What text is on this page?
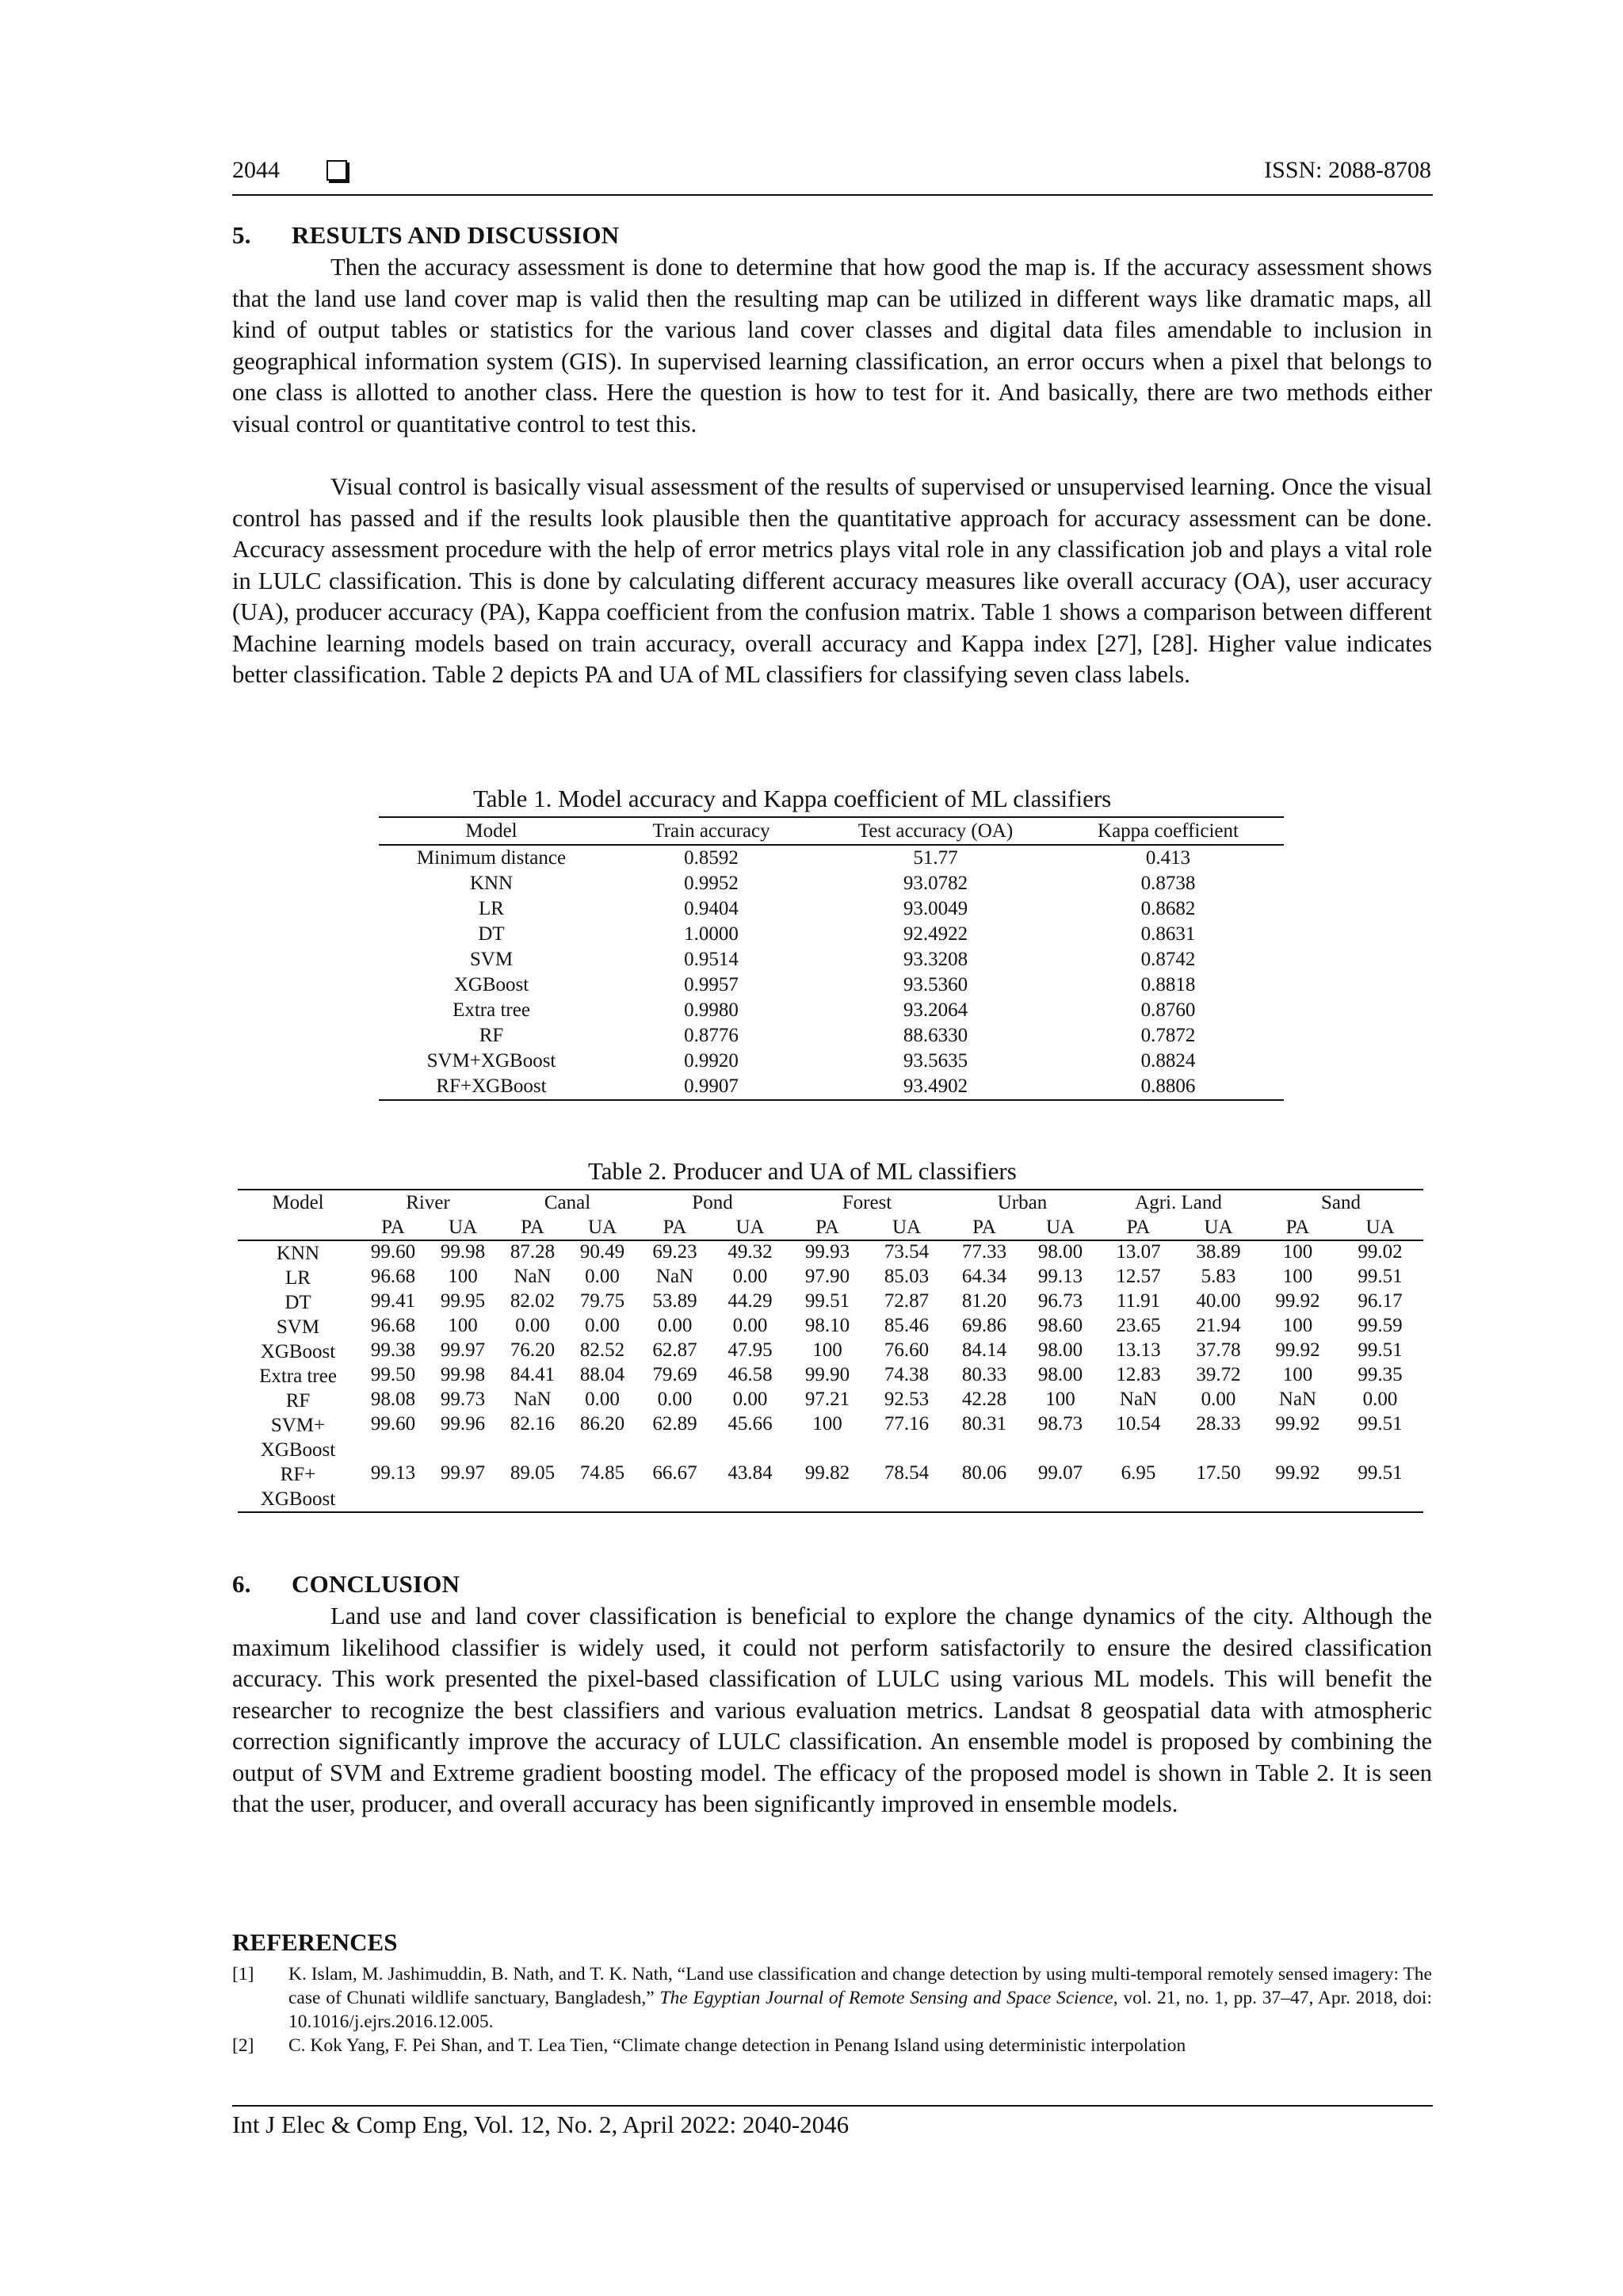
2044	ISSN: 2088-8708
5. RESULTS AND DISCUSSION

Then the accuracy assessment is done to determine that how good the map is. If the accuracy assessment shows that the land use land cover map is valid then the resulting map can be utilized in different ways like dramatic maps, all kind of output tables or statistics for the various land cover classes and digital data files amendable to inclusion in geographical information system (GIS). In supervised learning classification, an error occurs when a pixel that belongs to one class is allotted to another class. Here the question is how to test for it. And basically, there are two methods either visual control or quantitative control to test this.

Visual control is basically visual assessment of the results of supervised or unsupervised learning. Once the visual control has passed and if the results look plausible then the quantitative approach for accuracy assessment can be done. Accuracy assessment procedure with the help of error metrics plays vital role in any classification job and plays a vital role in LULC classification. This is done by calculating different accuracy measures like overall accuracy (OA), user accuracy (UA), producer accuracy (PA), Kappa coefficient from the confusion matrix. Table 1 shows a comparison between different Machine learning models based on train accuracy, overall accuracy and Kappa index [27], [28]. Higher value indicates better classification. Table 2 depicts PA and UA of ML classifiers for classifying seven class labels.

Table 1. Model accuracy and Kappa coefficient of ML classifiers
Model	Train accuracy	Test accuracy (OA)	Kappa coefficient
Minimum distance	0.8592	51.77	0.413
KNN	0.9952	93.0782	0.8738
LR	0.9404	93.0049	0.8682
DT	1.0000	92.4922	0.8631
SVM	0.9514	93.3208	0.8742
XGBoost	0.9957	93.5360	0.8818
Extra tree	0.9980	93.2064	0.8760
RF	0.8776	88.6330	0.7872
SVM+XGBoost	0.9920	93.5635	0.8824
RF+XGBoost	0.9907	93.4902	0.8806
Table 2. Producer and UA of ML classifiers
Model	River		Canal		Pond		Forest		Urban		Agri. Land		Sand	
	PA	UA	PA	UA	PA	UA	PA	UA	PA	UA	PA	UA	PA	UA

KNN	99.60	99.98	87.28	90.49	69.23	49.32	99.93	73.54	77.33	98.00	13.07	38.89	100	99.02

LR	96.68	100	NaN	0.00	NaN	0.00	97.90	85.03	64.34	99.13	12.57	5.83	100	99.51

DT	99.41	99.95	82.02	79.75	53.89	44.29	99.51	72.87	81.20	96.73	11.91	40.00	99.92	96.17

SVM	96.68	100	0.00	0.00	0.00	0.00	98.10	85.46	69.86	98.60	23.65	21.94	100	99.59

XGBoost	99.38	99.97	76.20	82.52	62.87	47.95	100	76.60	84.14	98.00	13.13	37.78	99.92	99.51

Extra tree	99.50	99.98	84.41	88.04	79.69	46.58	99.90	74.38	80.33	98.00	12.83	39.72	100	99.35

RF	98.08	99.73	NaN	0.00	0.00	0.00	97.21	92.53	42.28	100	NaN	0.00	NaN	0.00

SVM+
XGBoost	99.60	99.96	82.16	86.20	62.89	45.66	100	77.16	80.31	98.73	10.54	28.33	99.92	99.51

RF+
XGBoost	99.13	99.97	89.05	74.85	66.67	43.84	99.82	78.54	80.06	99.07	6.95	17.50	99.92	99.51
6. CONCLUSION

Land use and land cover classification is beneficial to explore the change dynamics of the city. Although the maximum likelihood classifier is widely used, it could not perform satisfactorily to ensure the desired classification accuracy. This work presented the pixel-based classification of LULC using various ML models. This will benefit the researcher to recognize the best classifiers and various evaluation metrics. Landsat 8 geospatial data with atmospheric correction significantly improve the accuracy of LULC classification. An ensemble model is proposed by combining the output of SVM and Extreme gradient boosting model. The efficacy of the proposed model is shown in Table 2. It is seen that the user, producer, and overall accuracy has been significantly improved in ensemble models.

REFERENCES
[1] K. Islam, M. Jashimuddin, B. Nath, and T. K. Nath, “Land use classification and change detection by using multi-temporal remotely sensed imagery: The case of Chunati wildlife sanctuary, Bangladesh,” The Egyptian Journal of Remote Sensing and Space Science, vol. 21, no. 1, pp. 37–47, Apr. 2018, doi: 10.1016/j.ejrs.2016.12.005.
[2] C. Kok Yang, F. Pei Shan, and T. Lea Tien, “Climate change detection in Penang Island using deterministic interpolation
Int J Elec & Comp Eng, Vol. 12, No. 2, April 2022: 2040-2046
